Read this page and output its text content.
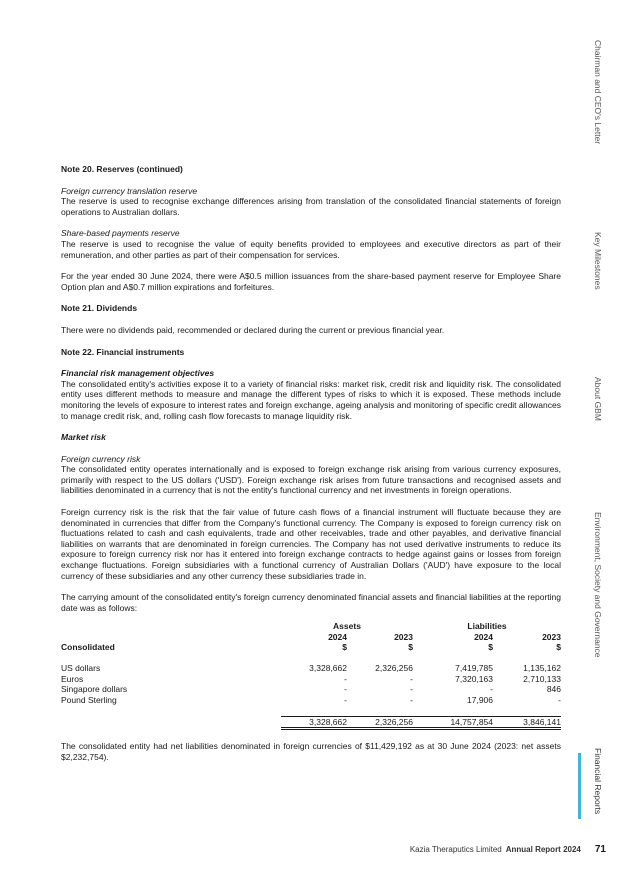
Note 20. Reserves (continued)

Foreign currency translation reserve

The reserve is used to recognise exchange differences arising from translation of the consolidated financial statements of foreign operations to Australian dollars.

Share-based payments reserve

The reserve is used to recognise the value of equity benefits provided to employees and executive directors as part of their remuneration, and other parties as part of their compensation for services.

For the year ended 30 June 2024, there were A$0.5 million issuances from the share-based payment reserve for Employee Share Option plan and A$0.7 million expirations and forfeitures.

Note 21. Dividends

There were no dividends paid, recommended or declared during the current or previous financial year.

Note 22. Financial instruments

Financial risk management objectives

The consolidated entity's activities expose it to a variety of financial risks: market risk, credit risk and liquidity risk. The consolidated entity uses different methods to measure and manage the different types of risks to which it is exposed. These methods include monitoring the levels of exposure to interest rates and foreign exchange, ageing analysis and monitoring of specific credit allowances to manage credit risk, and, rolling cash flow forecasts to manage liquidity risk.

Market risk

Foreign currency risk

The consolidated entity operates internationally and is exposed to foreign exchange risk arising from various currency exposures, primarily with respect to the US dollars ('USD'). Foreign exchange risk arises from future transactions and recognised assets and liabilities denominated in a currency that is not the entity's functional currency and net investments in foreign operations.

Foreign currency risk is the risk that the fair value of future cash flows of a financial instrument will fluctuate because they are denominated in currencies that differ from the Company's functional currency. The Company is exposed to foreign currency risk on fluctuations related to cash and cash equivalents, trade and other receivables, trade and other payables, and derivative financial liabilities on warrants that are denominated in foreign currencies. The Company has not used derivative instruments to reduce its exposure to foreign currency risk nor has it entered into foreign exchange contracts to hedge against gains or losses from foreign exchange fluctuations. Foreign subsidiaries with a functional currency of Australian Dollars ('AUD') have exposure to the local currency of these subsidiaries and any other currency these subsidiaries trade in.

The carrying amount of the consolidated entity's foreign currency denominated financial assets and financial liabilities at the reporting date was as follows:

	Assets		Liabilities	
	2024	2023	2024	2023
Consolidated	$	$	$	$

US dollars	3,328,662	2,326,256	7,419,785	1,135,162
Euros	-	-	7,320,163	2,710,133
Singapore dollars	-	-	-	846
Pound Sterling	-	-	17,906	-

	3,328,662	2,326,256	14,757,854	3,846,141

The consolidated entity had net liabilities denominated in foreign currencies of $11,429,192 as at 30 June 2024 (2023: net assets $2,232,754).

Chairman and CEO's Letter
Key Milestones
About GBM
Environment, Society and Governance
Financial Reports
Kazia Theraputics Limited Annual Report 2024 71
